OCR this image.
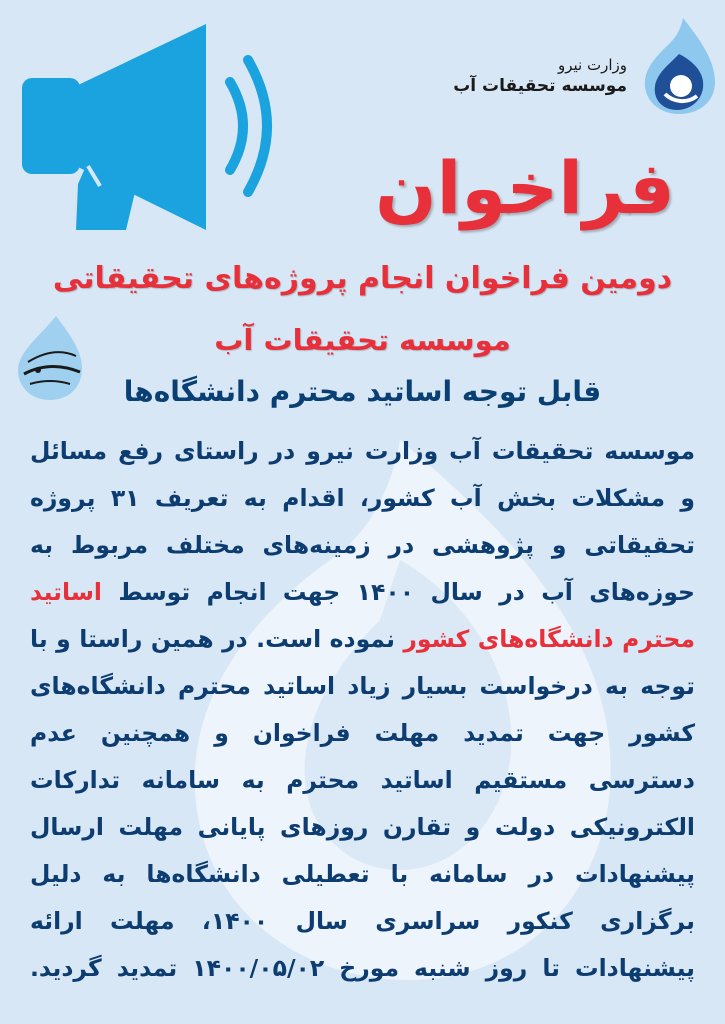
وزارت نیرو
موسسه تحقیقات آب
فراخوان
دومین فراخوان انجام پروژه‌های تحقیقاتی
موسسه تحقیقات آب
قابل توجه اساتید محترم دانشگاه‌ها
موسسه تحقیقات آب وزارت نیرو در راستای رفع مسائل و مشکلات بخش آب کشور، اقدام به تعریف ۳۱ پروژه تحقیقاتی و پژوهشی در زمینه‌های مختلف مربوط به حوزه‌های آب در سال ۱۴۰۰ جهت انجام توسط اساتید محترم دانشگاه‌های کشور نموده است. در همین راستا و با توجه به درخواست بسیار زیاد اساتید محترم دانشگاه‌های کشور جهت تمدید مهلت فراخوان و همچنین عدم دسترسی مستقیم اساتید محترم به سامانه تدارکات الکترونیکی دولت و تقارن روزهای پایانی مهلت ارسال پیشنهادات در سامانه با تعطیلی دانشگاه‌ها به دلیل برگزاری کنکور سراسری سال ۱۴۰۰، مهلت ارائه پیشنهادات تا روز شنبه مورخ ۱۴۰۰/۰۵/۰۲ تمدید گردید.
